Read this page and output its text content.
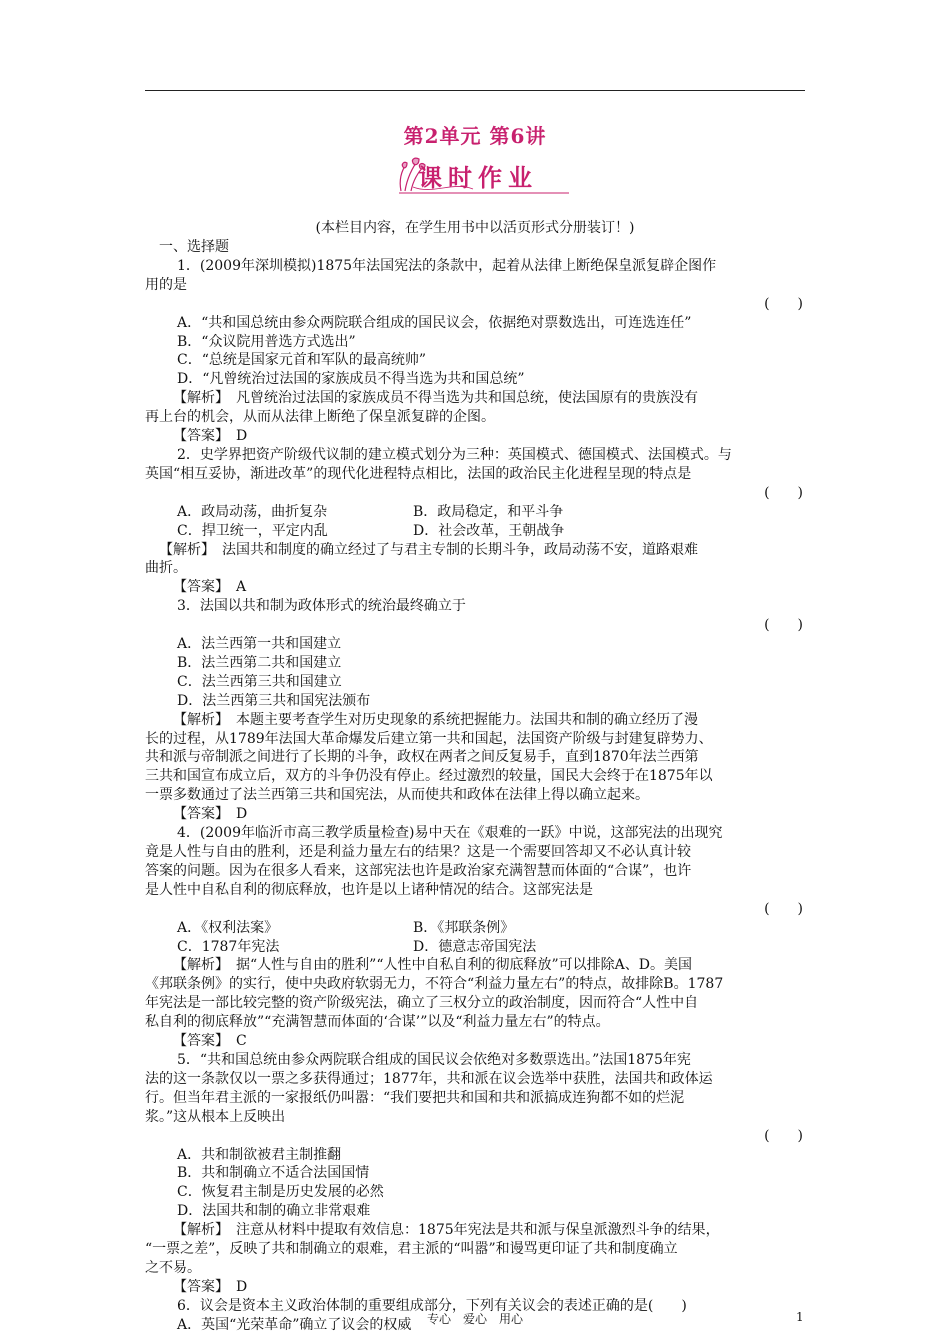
第2单元 第6讲
课时作业
(本栏目内容，在学生用书中以活页形式分册装订！)
一、选择题
1．(2009年深圳模拟)1875年法国宪法的条款中，起着从法律上断绝保皇派复辟企图作
用的是
(　　)
A．“共和国总统由参众两院联合组成的国民议会，依据绝对票数选出，可连选连任”
B．“众议院用普选方式选出”
C．“总统是国家元首和军队的最高统帅”
D．“凡曾统治过法国的家族成员不得当选为共和国总统”
【解析】　凡曾统治过法国的家族成员不得当选为共和国总统，使法国原有的贵族没有
再上台的机会，从而从法律上断绝了保皇派复辟的企图。
【答案】　D
2．史学界把资产阶级代议制的建立模式划分为三种：英国模式、德国模式、法国模式。与
英国“相互妥协，渐进改革”的现代化进程特点相比，法国的政治民主化进程呈现的特点是
(　　)
A．政局动荡，曲折复杂	B．政局稳定，和平斗争
C．捍卫统一，平定内乱	D．社会改革，王朝战争
【解析】　法国共和制度的确立经过了与君主专制的长期斗争，政局动荡不安，道路艰难
曲折。
【答案】　A
3．法国以共和制为政体形式的统治最终确立于
(　　)
A．法兰西第一共和国建立
B．法兰西第二共和国建立
C．法兰西第三共和国建立
D．法兰西第三共和国宪法颁布
【解析】　本题主要考查学生对历史现象的系统把握能力。法国共和制的确立经历了漫
长的过程，从1789年法国大革命爆发后建立第一共和国起，法国资产阶级与封建复辟势力、
共和派与帝制派之间进行了长期的斗争，政权在两者之间反复易手，直到1870年法兰西第
三共和国宣布成立后，双方的斗争仍没有停止。经过激烈的较量，国民大会终于在1875年以
一票多数通过了法兰西第三共和国宪法，从而使共和政体在法律上得以确立起来。
【答案】　D
4．(2009年临沂市高三教学质量检查)易中天在《艰难的一跃》中说，这部宪法的出现究
竟是人性与自由的胜利，还是利益力量左右的结果？这是一个需要回答却又不必认真计较
答案的问题。因为在很多人看来，这部宪法也许是政治家充满智慧而体面的“合谋”，也许
是人性中自私自利的彻底释放，也许是以上诸种情况的结合。这部宪法是
(　　)
A．《权利法案》	B．《邦联条例》
C．1787年宪法	D．德意志帝国宪法
【解析】　据“人性与自由的胜利”“人性中自私自利的彻底释放”可以排除A、D。美国
《邦联条例》的实行，使中央政府软弱无力，不符合“利益力量左右”的特点，故排除B。1787
年宪法是一部比较完整的资产阶级宪法，确立了三权分立的政治制度，因而符合“人性中自
私自利的彻底释放”“充满智慧而体面的‘合谋’”以及“利益力量左右”的特点。
【答案】　C
5．“共和国总统由参众两院联合组成的国民议会依绝对多数票选出。”法国1875年宪
法的这一条款仅以一票之多获得通过；1877年，共和派在议会选举中获胜，法国共和政体运
行。但当年君主派的一家报纸仍叫嚣：“我们要把共和国和共和派搞成连狗都不如的烂泥
浆。”这从根本上反映出
(　　)
A．共和制欲被君主制推翻
B．共和制确立不适合法国国情
C．恢复君主制是历史发展的必然
D．法国共和制的确立非常艰难
【解析】　注意从材料中提取有效信息：1875年宪法是共和派与保皇派激烈斗争的结果，
“一票之差”，反映了共和制确立的艰难，君主派的“叫嚣”和谩骂更印证了共和制度确立
之不易。
【答案】　D
6．议会是资本主义政治体制的重要组成部分，下列有关议会的表述正确的是(　　)
A．英国“光荣革命”确立了议会的权威	专心　爱心　用心	1
